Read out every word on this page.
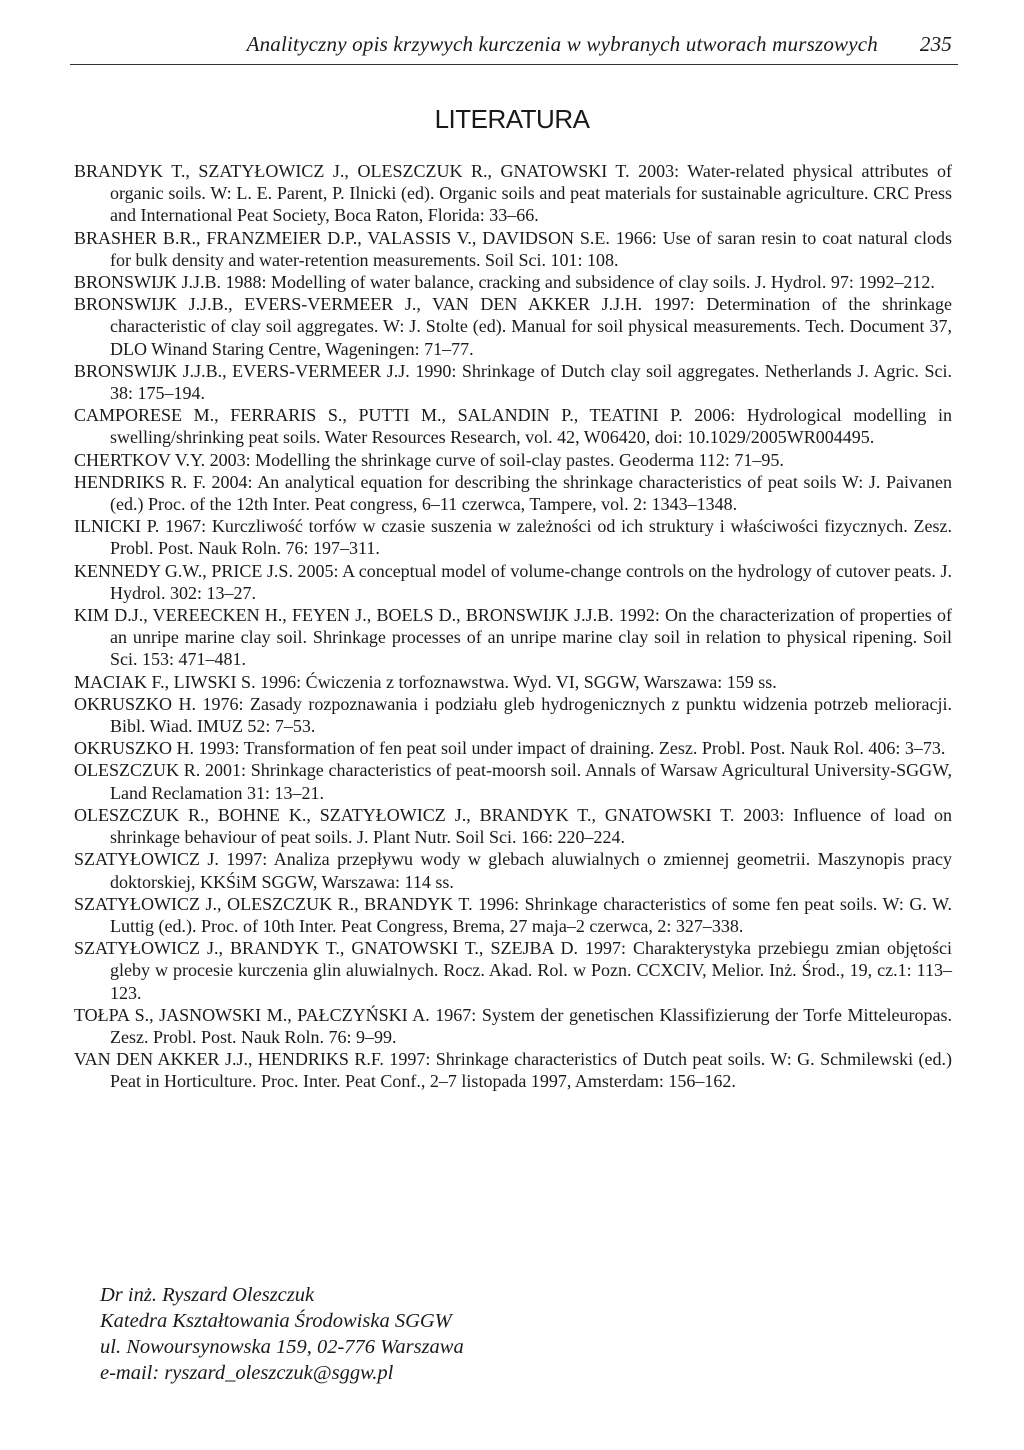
Analityczny opis krzywych kurczenia w wybranych utworach murszowych 235
LITERATURA
BRANDYK T., SZATYŁOWICZ J., OLESZCZUK R., GNATOWSKI T. 2003: Water-related physical attributes of organic soils. W: L. E. Parent, P. Ilnicki (ed). Organic soils and peat materials for sustainable agriculture. CRC Press and International Peat Society, Boca Raton, Florida: 33–66.
BRASHER B.R., FRANZMEIER D.P., VALASSIS V., DAVIDSON S.E. 1966: Use of saran resin to coat natural clods for bulk density and water-retention measurements. Soil Sci. 101: 108.
BRONSWIJK J.J.B. 1988: Modelling of water balance, cracking and subsidence of clay soils. J. Hydrol. 97: 1992–212.
BRONSWIJK J.J.B., EVERS-VERMEER J., VAN DEN AKKER J.J.H. 1997: Determination of the shrinkage characteristic of clay soil aggregates. W: J. Stolte (ed). Manual for soil physical measurements. Tech. Document 37, DLO Winand Staring Centre, Wageningen: 71–77.
BRONSWIJK J.J.B., EVERS-VERMEER J.J. 1990: Shrinkage of Dutch clay soil aggregates. Netherlands J. Agric. Sci. 38: 175–194.
CAMPORESE M., FERRARIS S., PUTTI M., SALANDIN P., TEATINI P. 2006: Hydrological modelling in swelling/shrinking peat soils. Water Resources Research, vol. 42, W06420, doi: 10.1029/2005WR004495.
CHERTKOV V.Y. 2003: Modelling the shrinkage curve of soil-clay pastes. Geoderma 112: 71–95.
HENDRIKS R. F. 2004: An analytical equation for describing the shrinkage characteristics of peat soils W: J. Paivanen (ed.) Proc. of the 12th Inter. Peat congress, 6–11 czerwca, Tampere, vol. 2: 1343–1348.
ILNICKI P. 1967: Kurczliwość torfów w czasie suszenia w zależności od ich struktury i właściwości fizycznych. Zesz. Probl. Post. Nauk Roln. 76: 197–311.
KENNEDY G.W., PRICE J.S. 2005: A conceptual model of volume-change controls on the hydrology of cutover peats. J. Hydrol. 302: 13–27.
KIM D.J., VEREECKEN H., FEYEN J., BOELS D., BRONSWIJK J.J.B. 1992: On the characterization of properties of an unripe marine clay soil. Shrinkage processes of an unripe marine clay soil in relation to physical ripening. Soil Sci. 153: 471–481.
MACIAK F., LIWSKI S. 1996: Ćwiczenia z torfoznawstwa. Wyd. VI, SGGW, Warszawa: 159 ss.
OKRUSZKO H. 1976: Zasady rozpoznawania i podziału gleb hydrogenicznych z punktu widzenia potrzeb melioracji. Bibl. Wiad. IMUZ 52: 7–53.
OKRUSZKO H. 1993: Transformation of fen peat soil under impact of draining. Zesz. Probl. Post. Nauk Rol. 406: 3–73.
OLESZCZUK R. 2001: Shrinkage characteristics of peat-moorsh soil. Annals of Warsaw Agricultural University-SGGW, Land Reclamation 31: 13–21.
OLESZCZUK R., BOHNE K., SZATYŁOWICZ J., BRANDYK T., GNATOWSKI T. 2003: Influence of load on shrinkage behaviour of peat soils. J. Plant Nutr. Soil Sci. 166: 220–224.
SZATYŁOWICZ J. 1997: Analiza przepływu wody w glebach aluwialnych o zmiennej geometrii. Maszynopis pracy doktorskiej, KKŚiM SGGW, Warszawa: 114 ss.
SZATYŁOWICZ J., OLESZCZUK R., BRANDYK T. 1996: Shrinkage characteristics of some fen peat soils. W: G. W. Luttig (ed.). Proc. of 10th Inter. Peat Congress, Brema, 27 maja–2 czerwca, 2: 327–338.
SZATYŁOWICZ J., BRANDYK T., GNATOWSKI T., SZEJBA D. 1997: Charakterystyka przebiegu zmian objętości gleby w procesie kurczenia glin aluwialnych. Rocz. Akad. Rol. w Pozn. CCXCIV, Melior. Inż. Środ., 19, cz.1: 113–123.
TOŁPA S., JASNOWSKI M., PAŁCZYŃSKI A. 1967: System der genetischen Klassifizierung der Torfe Mitteleuropas. Zesz. Probl. Post. Nauk Roln. 76: 9–99.
VAN DEN AKKER J.J., HENDRIKS R.F. 1997: Shrinkage characteristics of Dutch peat soils. W: G. Schmilewski (ed.) Peat in Horticulture. Proc. Inter. Peat Conf., 2–7 listopada 1997, Amsterdam: 156–162.
Dr inż. Ryszard Oleszczuk
Katedra Kształtowania Środowiska SGGW
ul. Nowoursynowska 159, 02-776 Warszawa
e-mail: ryszard_oleszczuk@sggw.pl
